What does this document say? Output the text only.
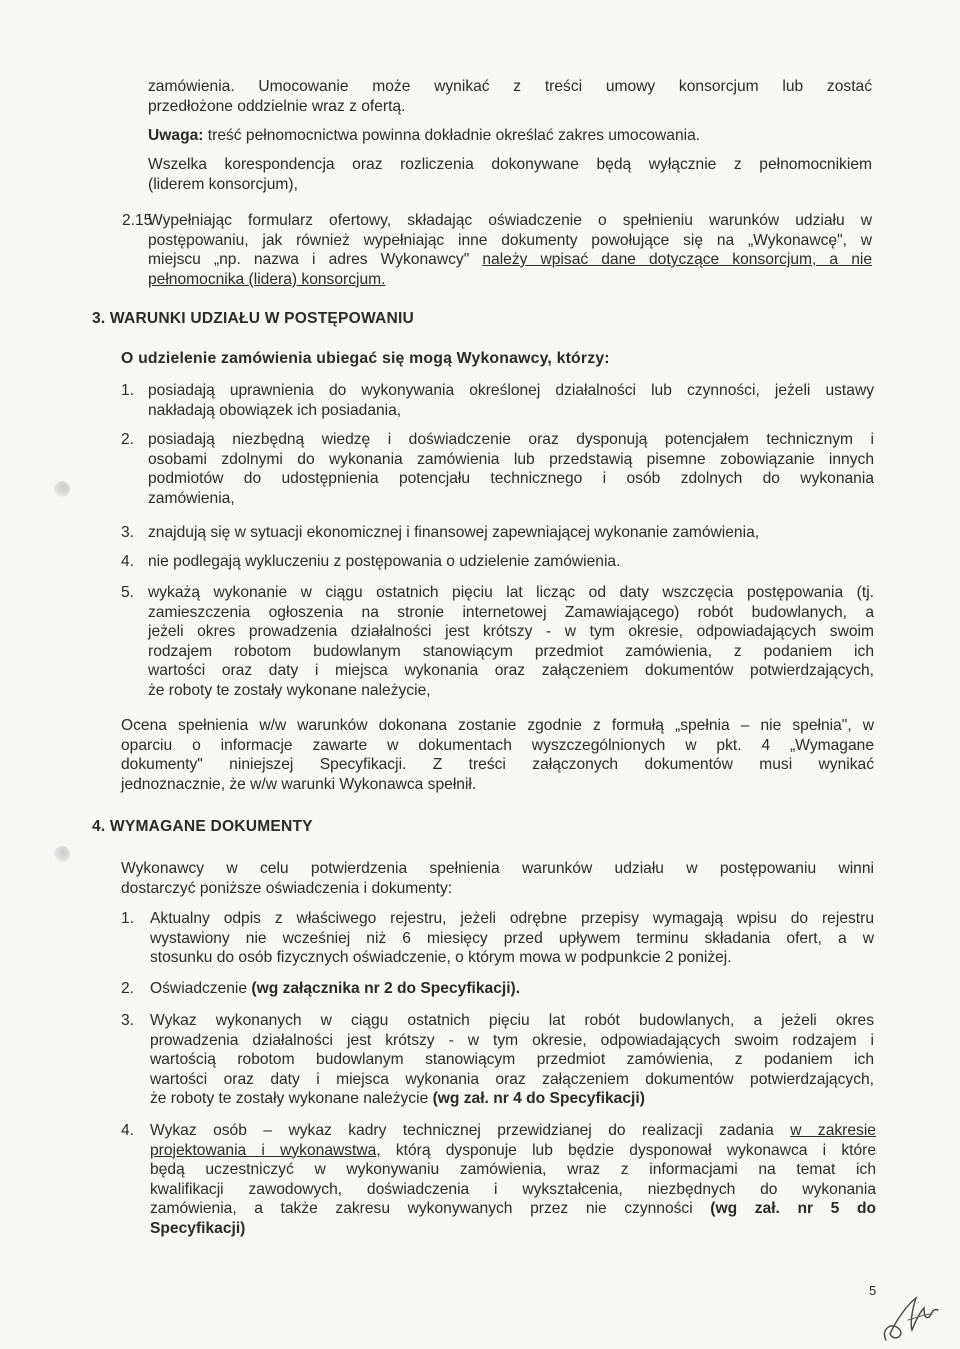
zamówienia. Umocowanie może wynikać z treści umowy konsorcjum lub zostać

przedłożone oddzielnie wraz z ofertą.

Uwaga: treść pełnomocnictwa powinna dokładnie określać zakres umocowania.

Wszelka korespondencja oraz rozliczenia dokonywane będą wyłącznie z pełnomocnikiem

(liderem konsorcjum),

2.15

Wypełniając formularz ofertowy, składając oświadczenie o spełnieniu warunków udziału w

postępowaniu, jak również wypełniając inne dokumenty powołujące się na „Wykonawcę", w

miejscu „np. nazwa i adres Wykonawcy" należy wpisać dane dotyczące konsorcjum, a nie

pełnomocnika (lidera) konsorcjum.

3. WARUNKI UDZIAŁU W POSTĘPOWANIU
O udzielenie zamówienia ubiegać się mogą Wykonawcy, którzy:
1. posiadają uprawnienia do wykonywania określonej działalności lub czynności, jeżeli ustawy

nakładają obowiązek ich posiadania,

2. posiadają niezbędną wiedzę i doświadczenie oraz dysponują potencjałem technicznym i

osobami zdolnymi do wykonania zamówienia lub przedstawią pisemne zobowiązanie innych

podmiotów do udostępnienia potencjału technicznego i osób zdolnych do wykonania

zamówienia,

3. znajdują się w sytuacji ekonomicznej i finansowej zapewniającej wykonanie zamówienia,

4. nie podlegają wykluczeniu z postępowania o udzielenie zamówienia.

5. wykażą wykonanie w ciągu ostatnich pięciu lat licząc od daty wszczęcia postępowania (tj.

zamieszczenia ogłoszenia na stronie internetowej Zamawiającego) robót budowlanych, a

jeżeli okres prowadzenia działalności jest krótszy - w tym okresie, odpowiadających swoim

rodzajem robotom budowlanym stanowiącym przedmiot zamówienia, z podaniem ich

wartości oraz daty i miejsca wykonania oraz załączeniem dokumentów potwierdzających,

że roboty te zostały wykonane należycie,

Ocena spełnienia w/w warunków dokonana zostanie zgodnie z formułą „spełnia – nie spełnia", w

oparciu o informacje zawarte w dokumentach wyszczególnionych w pkt. 4 „Wymagane

dokumenty" niniejszej Specyfikacji. Z treści załączonych dokumentów musi wynikać

jednoznacznie, że w/w warunki Wykonawca spełnił.

4. WYMAGANE DOKUMENTY

Wykonawcy w celu potwierdzenia spełnienia warunków udziału w postępowaniu winni

dostarczyć poniższe oświadczenia i dokumenty:

1. Aktualny odpis z właściwego rejestru, jeżeli odrębne przepisy wymagają wpisu do rejestru

wystawiony nie wcześniej niż 6 miesięcy przed upływem terminu składania ofert, a w

stosunku do osób fizycznych oświadczenie, o którym mowa w podpunkcie 2 poniżej.

2. Oświadczenie (wg załącznika nr 2 do Specyfikacji).

3. Wykaz wykonanych w ciągu ostatnich pięciu lat robót budowlanych, a jeżeli okres

prowadzenia działalności jest krótszy - w tym okresie, odpowiadających swoim rodzajem i

wartością robotom budowlanym stanowiącym przedmiot zamówienia, z podaniem ich

wartości oraz daty i miejsca wykonania oraz załączeniem dokumentów potwierdzających,

że roboty te zostały wykonane należycie (wg zał. nr 4 do Specyfikacji)

4. Wykaz osób – wykaz kadry technicznej przewidzianej do realizacji zadania w zakresie

projektowania i wykonawstwa, którą dysponuje lub będzie dysponował wykonawca i które

będą uczestniczyć w wykonywaniu zamówienia, wraz z informacjami na temat ich

kwalifikacji zawodowych, doświadczenia i wykształcenia, niezbędnych do wykonania

zamówienia, a także zakresu wykonywanych przez nie czynności (wg zał. nr 5 do

Specyfikacji)

5
